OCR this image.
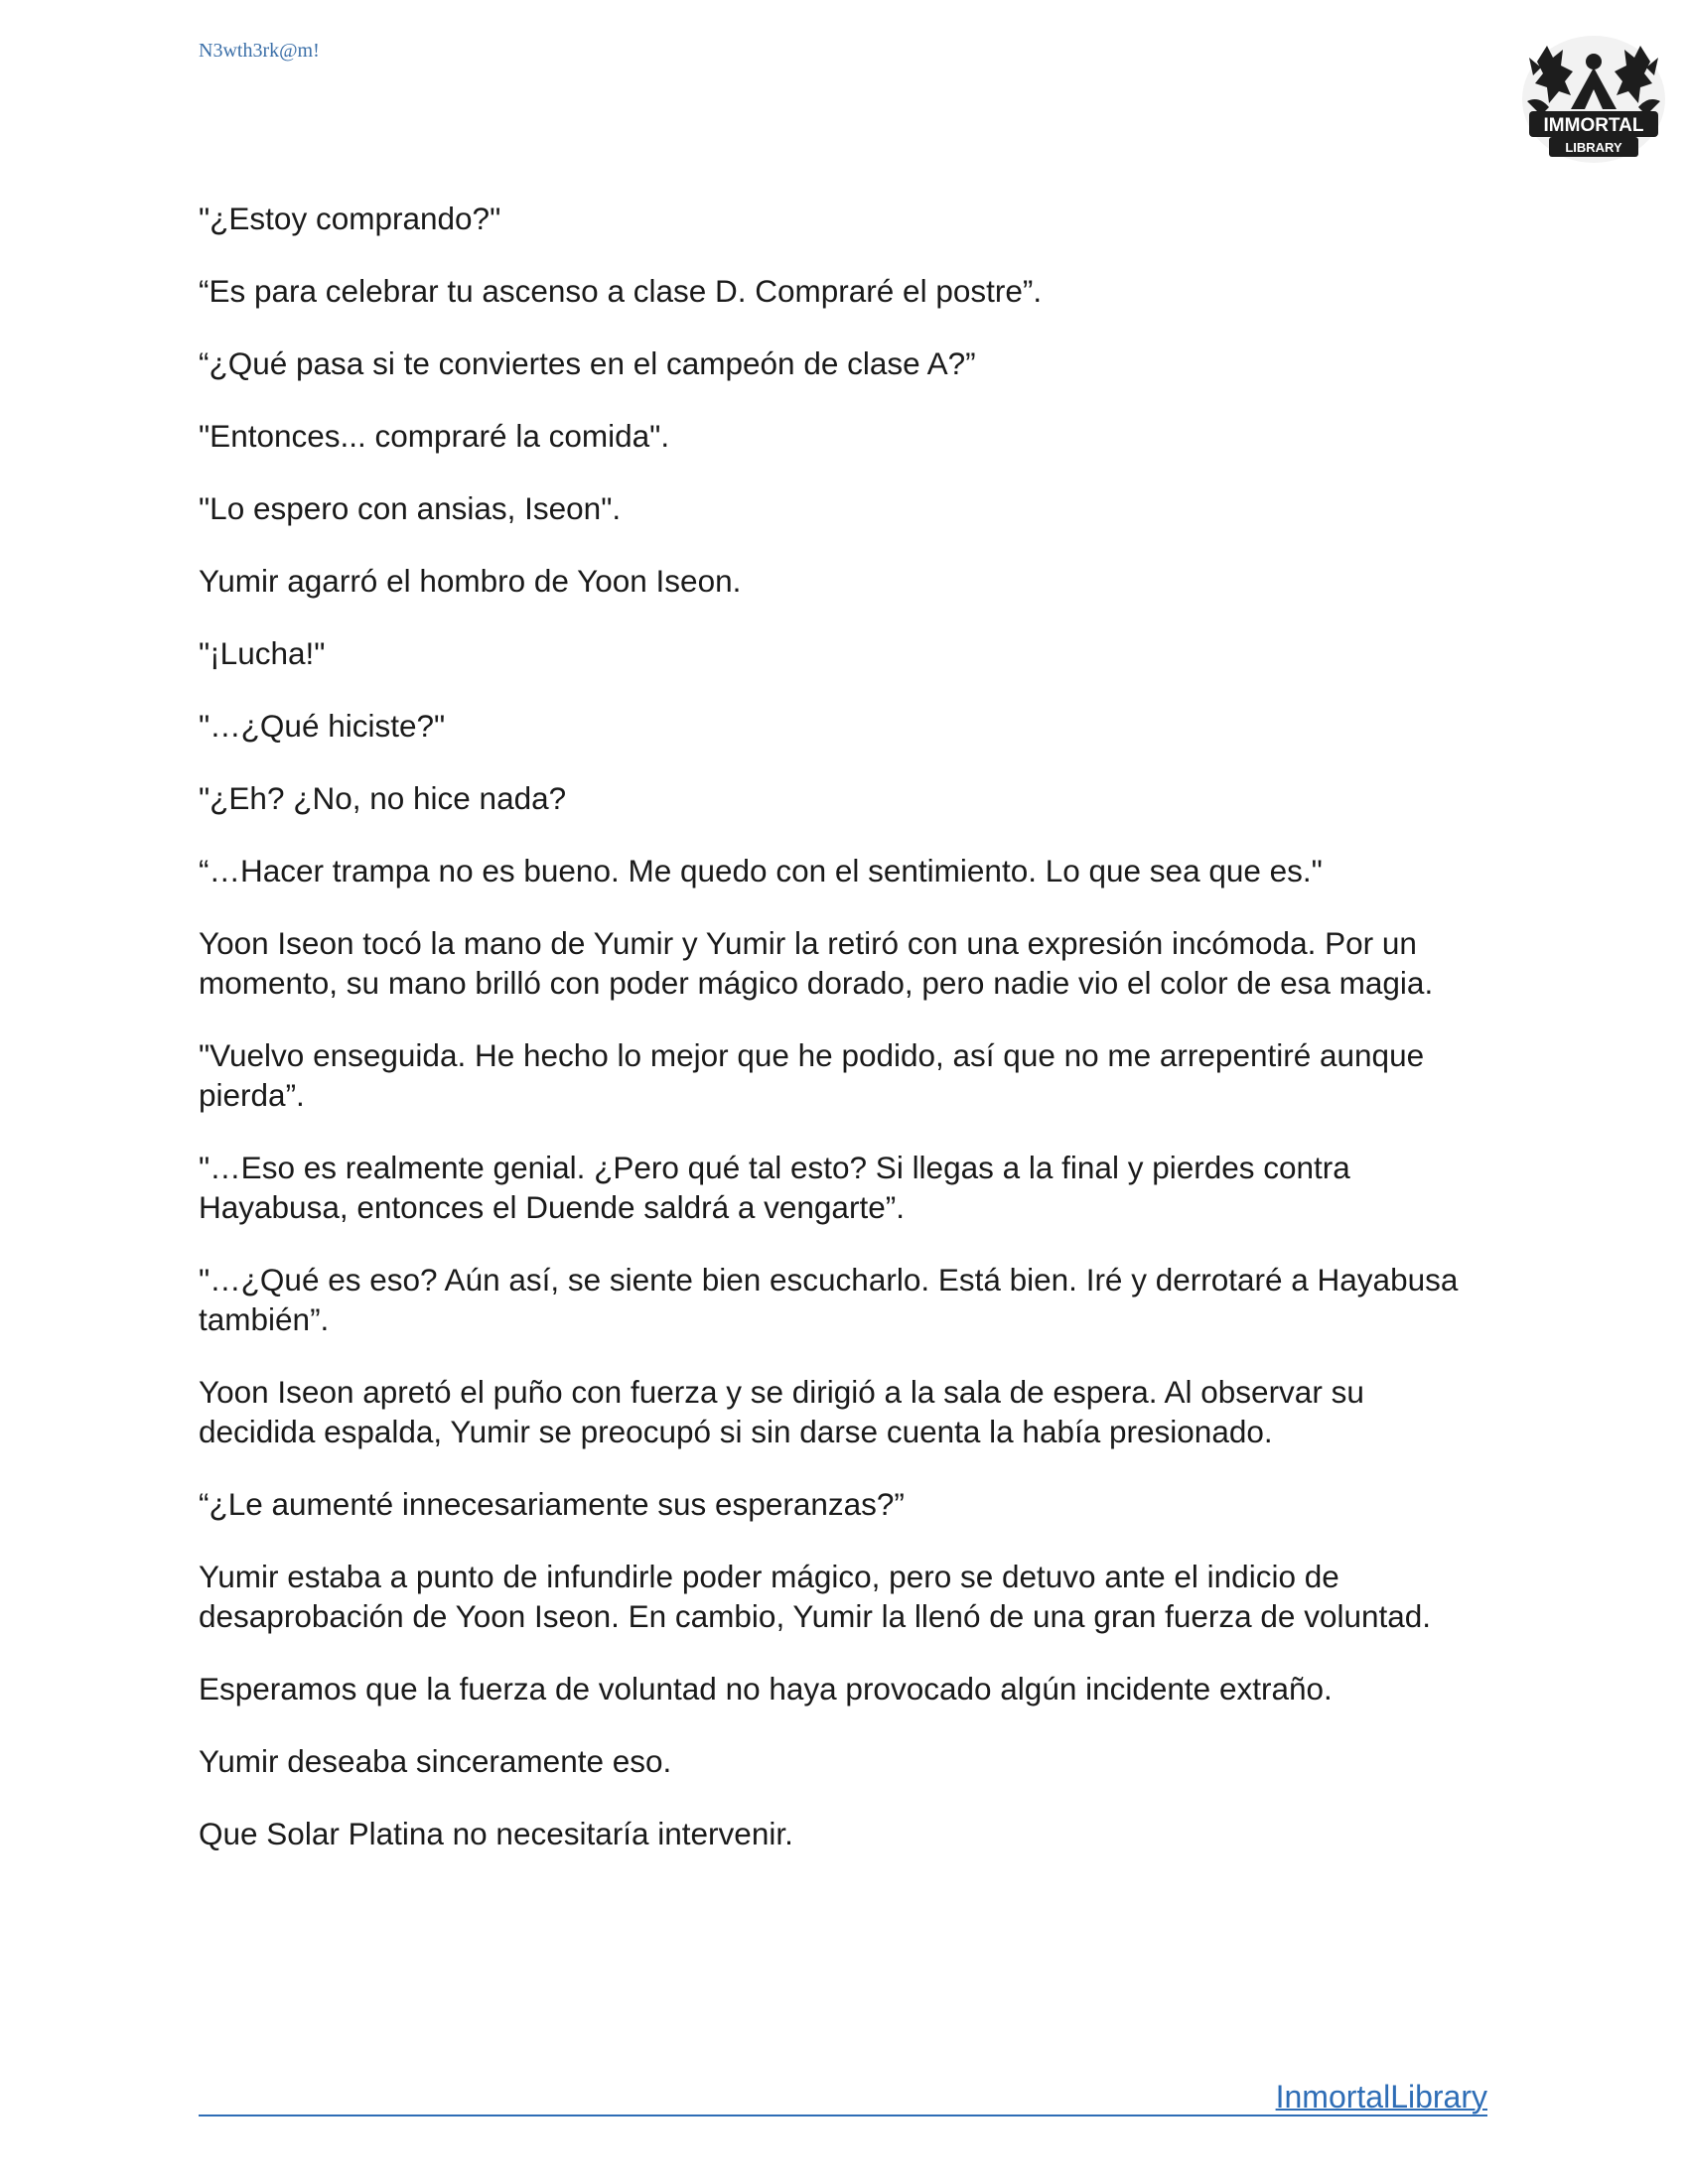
N3wth3rk@m!
IMMORTAL
LIBRARY

"¿Estoy comprando?"

“Es para celebrar tu ascenso a clase D. Compraré el postre”.

“¿Qué pasa si te conviertes en el campeón de clase A?”

"Entonces... compraré la comida".

"Lo espero con ansias, Iseon".

Yumir agarró el hombro de Yoon Iseon.

"¡Lucha!"

"…¿Qué hiciste?"

"¿Eh? ¿No, no hice nada?

“…Hacer trampa no es bueno. Me quedo con el sentimiento. Lo que sea que es."

Yoon Iseon tocó la mano de Yumir y Yumir la retiró con una expresión incómoda. Por un momento, su mano brilló con poder mágico dorado, pero nadie vio el color de esa magia.

"Vuelvo enseguida. He hecho lo mejor que he podido, así que no me arrepentiré aunque pierda”.

"…Eso es realmente genial. ¿Pero qué tal esto? Si llegas a la final y pierdes contra Hayabusa, entonces el Duende saldrá a vengarte”.

"…¿Qué es eso? Aún así, se siente bien escucharlo. Está bien. Iré y derrotaré a Hayabusa también”.

Yoon Iseon apretó el puño con fuerza y se dirigió a la sala de espera. Al observar su decidida espalda, Yumir se preocupó si sin darse cuenta la había presionado.

“¿Le aumenté innecesariamente sus esperanzas?”

Yumir estaba a punto de infundirle poder mágico, pero se detuvo ante el indicio de desaprobación de Yoon Iseon. En cambio, Yumir la llenó de una gran fuerza de voluntad.

Esperamos que la fuerza de voluntad no haya provocado algún incidente extraño.

Yumir deseaba sinceramente eso.

Que Solar Platina no necesitaría intervenir.

InmortalLibrary
